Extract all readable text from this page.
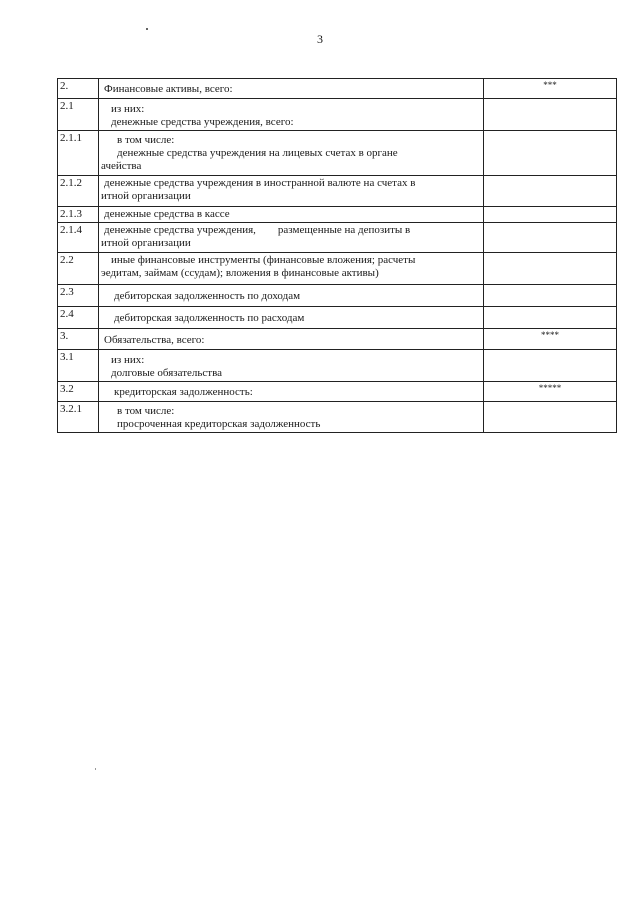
3
2.	Финансовые активы, всего:	***
2.1	из них:
денежные средства учреждения, всего:	

2.1.1	в том числе:
денежные средства учреждения на лицевых счетах в органе
ачейства	

2.1.2	денежные средства учреждения в иностранной валюте на счетах в
итной организации	

2.1.3	денежные средства в кассе	

2.1.4	денежные средства учреждения,        размещенные на депозиты в
итной организации	

2.2	иные финансовые инструменты (финансовые вложения; расчеты
эедитам, займам (ссудам); вложения в финансовые активы)	

2.3	дебиторская задолженность по доходам	

2.4	дебиторская задолженность по расходам	

3.	Обязательства, всего:	****
3.1	из них:
долговые обязательства	

3.2	кредиторская задолженность:	*****
3.2.1	в том числе:
просроченная кредиторская задолженность	
